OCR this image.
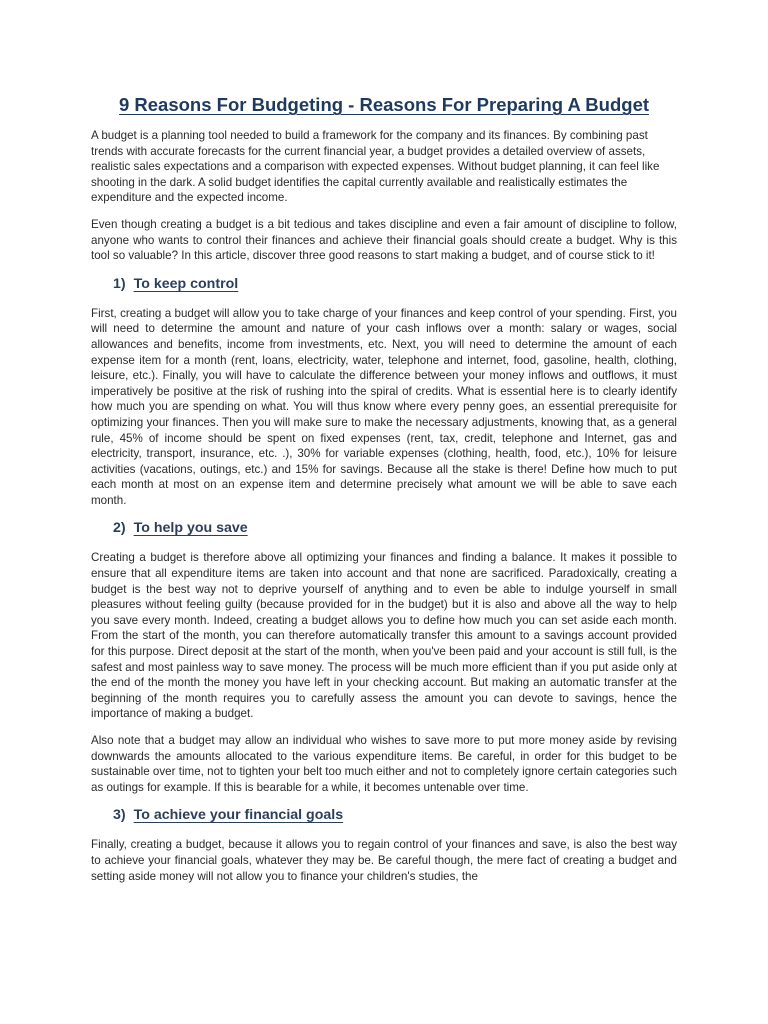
9 Reasons For Budgeting - Reasons For Preparing A Budget

A budget is a planning tool needed to build a framework for the company and its finances. By combining past trends with accurate forecasts for the current financial year, a budget provides a detailed overview of assets, realistic sales expectations and a comparison with expected expenses. Without budget planning, it can feel like shooting in the dark. A solid budget identifies the capital currently available and realistically estimates the expenditure and the expected income.

Even though creating a budget is a bit tedious and takes discipline and even a fair amount of discipline to follow, anyone who wants to control their finances and achieve their financial goals should create a budget. Why is this tool so valuable? In this article, discover three good reasons to start making a budget, and of course stick to it!

1) To keep control

First, creating a budget will allow you to take charge of your finances and keep control of your spending. First, you will need to determine the amount and nature of your cash inflows over a month: salary or wages, social allowances and benefits, income from investments, etc. Next, you will need to determine the amount of each expense item for a month (rent, loans, electricity, water, telephone and internet, food, gasoline, health, clothing, leisure, etc.). Finally, you will have to calculate the difference between your money inflows and outflows, it must imperatively be positive at the risk of rushing into the spiral of credits. What is essential here is to clearly identify how much you are spending on what. You will thus know where every penny goes, an essential prerequisite for optimizing your finances. Then you will make sure to make the necessary adjustments, knowing that, as a general rule, 45% of income should be spent on fixed expenses (rent, tax, credit, telephone and Internet, gas and electricity, transport, insurance, etc. .), 30% for variable expenses (clothing, health, food, etc.), 10% for leisure activities (vacations, outings, etc.) and 15% for savings. Because all the stake is there! Define how much to put each month at most on an expense item and determine precisely what amount we will be able to save each month.

2) To help you save

Creating a budget is therefore above all optimizing your finances and finding a balance. It makes it possible to ensure that all expenditure items are taken into account and that none are sacrificed. Paradoxically, creating a budget is the best way not to deprive yourself of anything and to even be able to indulge yourself in small pleasures without feeling guilty (because provided for in the budget) but it is also and above all the way to help you save every month. Indeed, creating a budget allows you to define how much you can set aside each month. From the start of the month, you can therefore automatically transfer this amount to a savings account provided for this purpose. Direct deposit at the start of the month, when you've been paid and your account is still full, is the safest and most painless way to save money. The process will be much more efficient than if you put aside only at the end of the month the money you have left in your checking account. But making an automatic transfer at the beginning of the month requires you to carefully assess the amount you can devote to savings, hence the importance of making a budget.

Also note that a budget may allow an individual who wishes to save more to put more money aside by revising downwards the amounts allocated to the various expenditure items. Be careful, in order for this budget to be sustainable over time, not to tighten your belt too much either and not to completely ignore certain categories such as outings for example. If this is bearable for a while, it becomes untenable over time.

3) To achieve your financial goals

Finally, creating a budget, because it allows you to regain control of your finances and save, is also the best way to achieve your financial goals, whatever they may be. Be careful though, the mere fact of creating a budget and setting aside money will not allow you to finance your children's studies, the
